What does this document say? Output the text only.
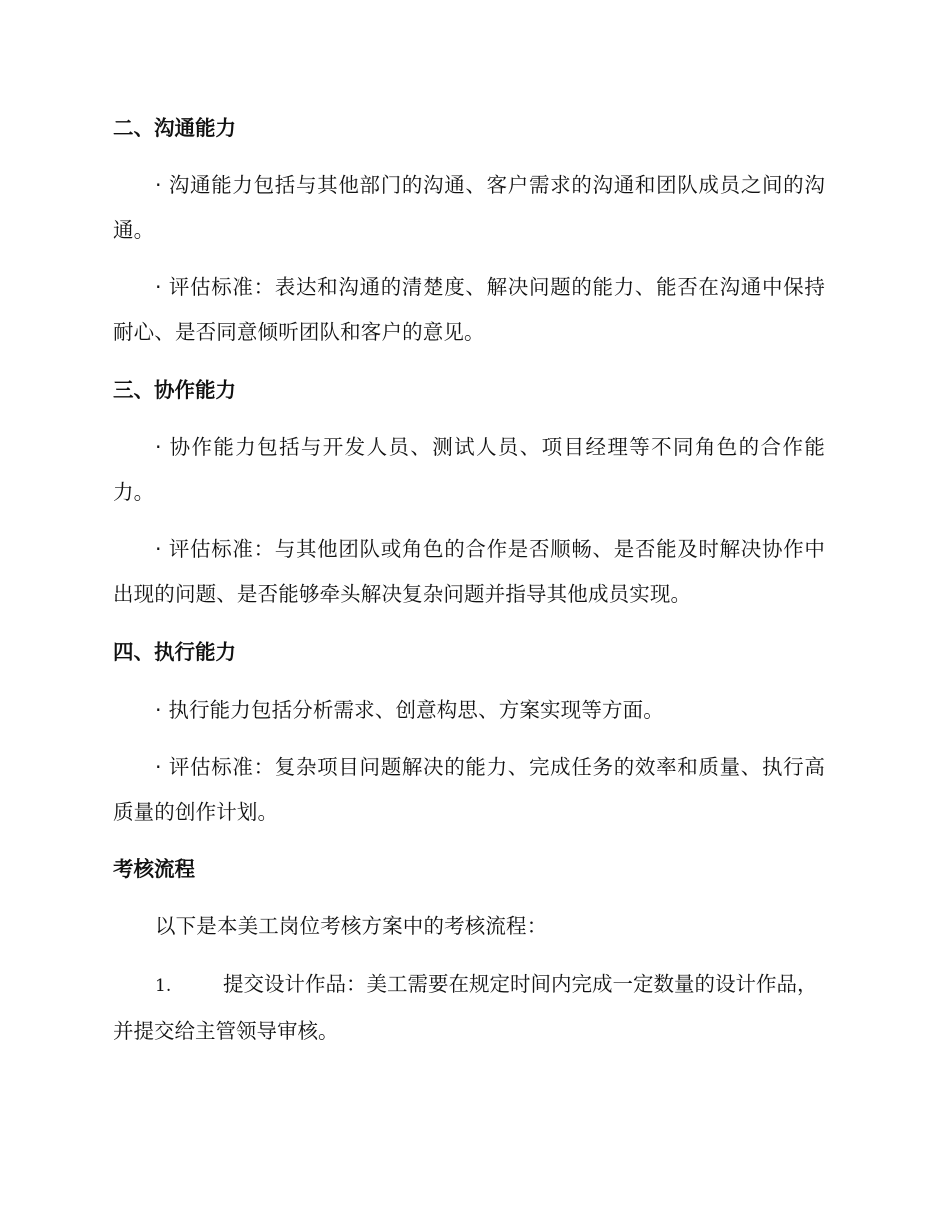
二、沟通能力
· 沟通能力包括与其他部门的沟通、客户需求的沟通和团队成员之间的沟通。
· 评估标准：表达和沟通的清楚度、解决问题的能力、能否在沟通中保持耐心、是否同意倾听团队和客户的意见。
三、协作能力
· 协作能力包括与开发人员、测试人员、项目经理等不同角色的合作能力。
· 评估标准：与其他团队或角色的合作是否顺畅、是否能及时解决协作中出现的问题、是否能够牵头解决复杂问题并指导其他成员实现。
四、执行能力
· 执行能力包括分析需求、创意构思、方案实现等方面。
· 评估标准：复杂项目问题解决的能力、完成任务的效率和质量、执行高质量的创作计划。
考核流程
以下是本美工岗位考核方案中的考核流程：
1.	提交设计作品：美工需要在规定时间内完成一定数量的设计作品，并提交给主管领导审核。
